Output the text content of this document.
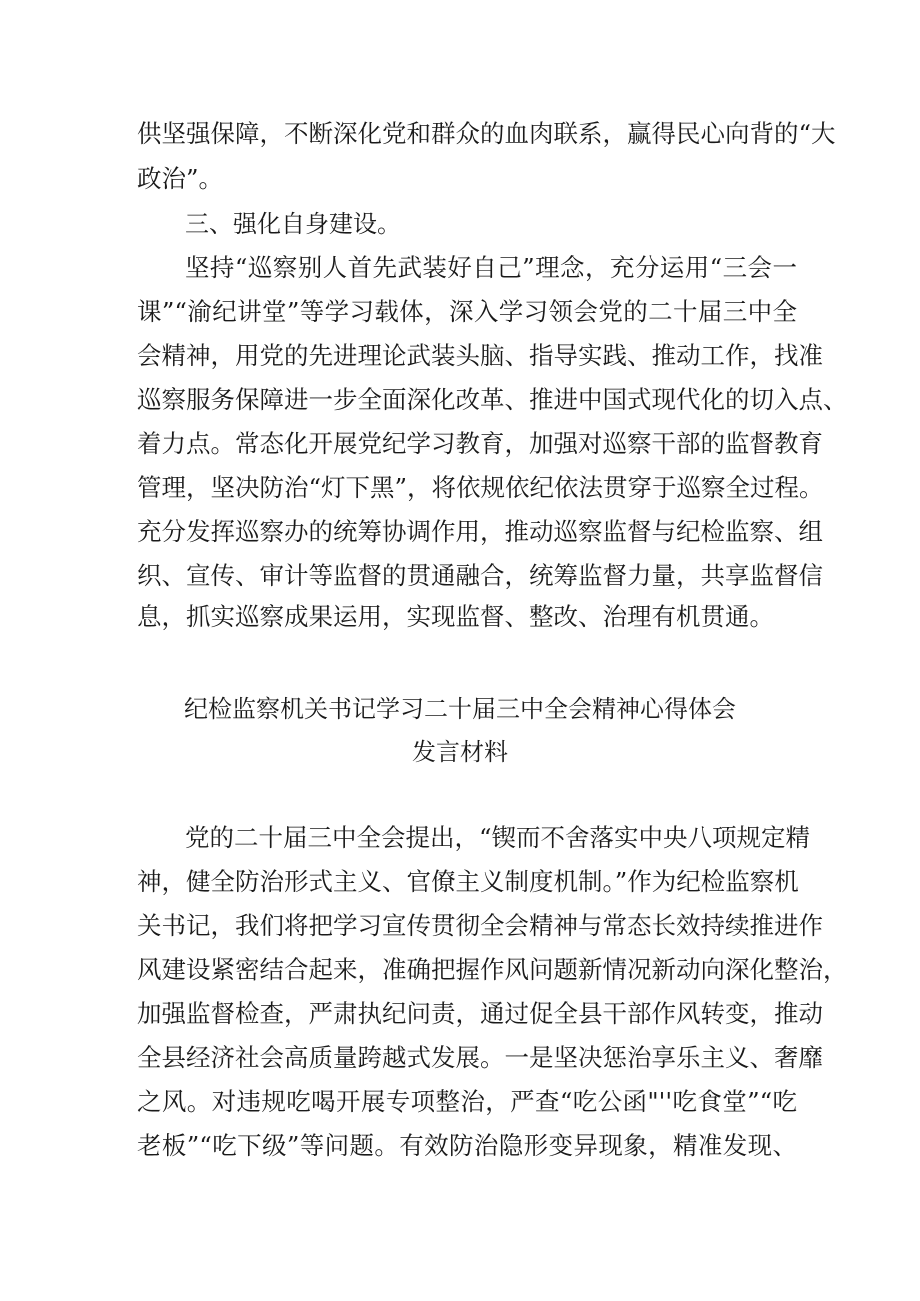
供坚强保障，不断深化党和群众的血肉联系，赢得民心向背的“大
政治”。
三、强化自身建设。
坚持“巡察别人首先武装好自己”理念，充分运用“三会一
课”“渝纪讲堂”等学习载体，深入学习领会党的二十届三中全
会精神，用党的先进理论武装头脑、指导实践、推动工作，找准
巡察服务保障进一步全面深化改革、推进中国式现代化的切入点、
着力点。常态化开展党纪学习教育，加强对巡察干部的监督教育
管理，坚决防治“灯下黑”，将依规依纪依法贯穿于巡察全过程。
充分发挥巡察办的统筹协调作用，推动巡察监督与纪检监察、组
织、宣传、审计等监督的贯通融合，统筹监督力量，共享监督信
息，抓实巡察成果运用，实现监督、整改、治理有机贯通。
纪检监察机关书记学习二十届三中全会精神心得体会
发言材料
党的二十届三中全会提出，“锲而不舍落实中央八项规定精
神，健全防治形式主义、官僚主义制度机制。”作为纪检监察机
关书记，我们将把学习宣传贯彻全会精神与常态长效持续推进作
风建设紧密结合起来，准确把握作风问题新情况新动向深化整治，
加强监督检查，严肃执纪问责，通过促全县干部作风转变，推动
全县经济社会高质量跨越式发展。一是坚决惩治享乐主义、奢靡
之风。对违规吃喝开展专项整治，严查“吃公函"''吃食堂”“吃
老板”“吃下级”等问题。有效防治隐形变异现象，精准发现、
